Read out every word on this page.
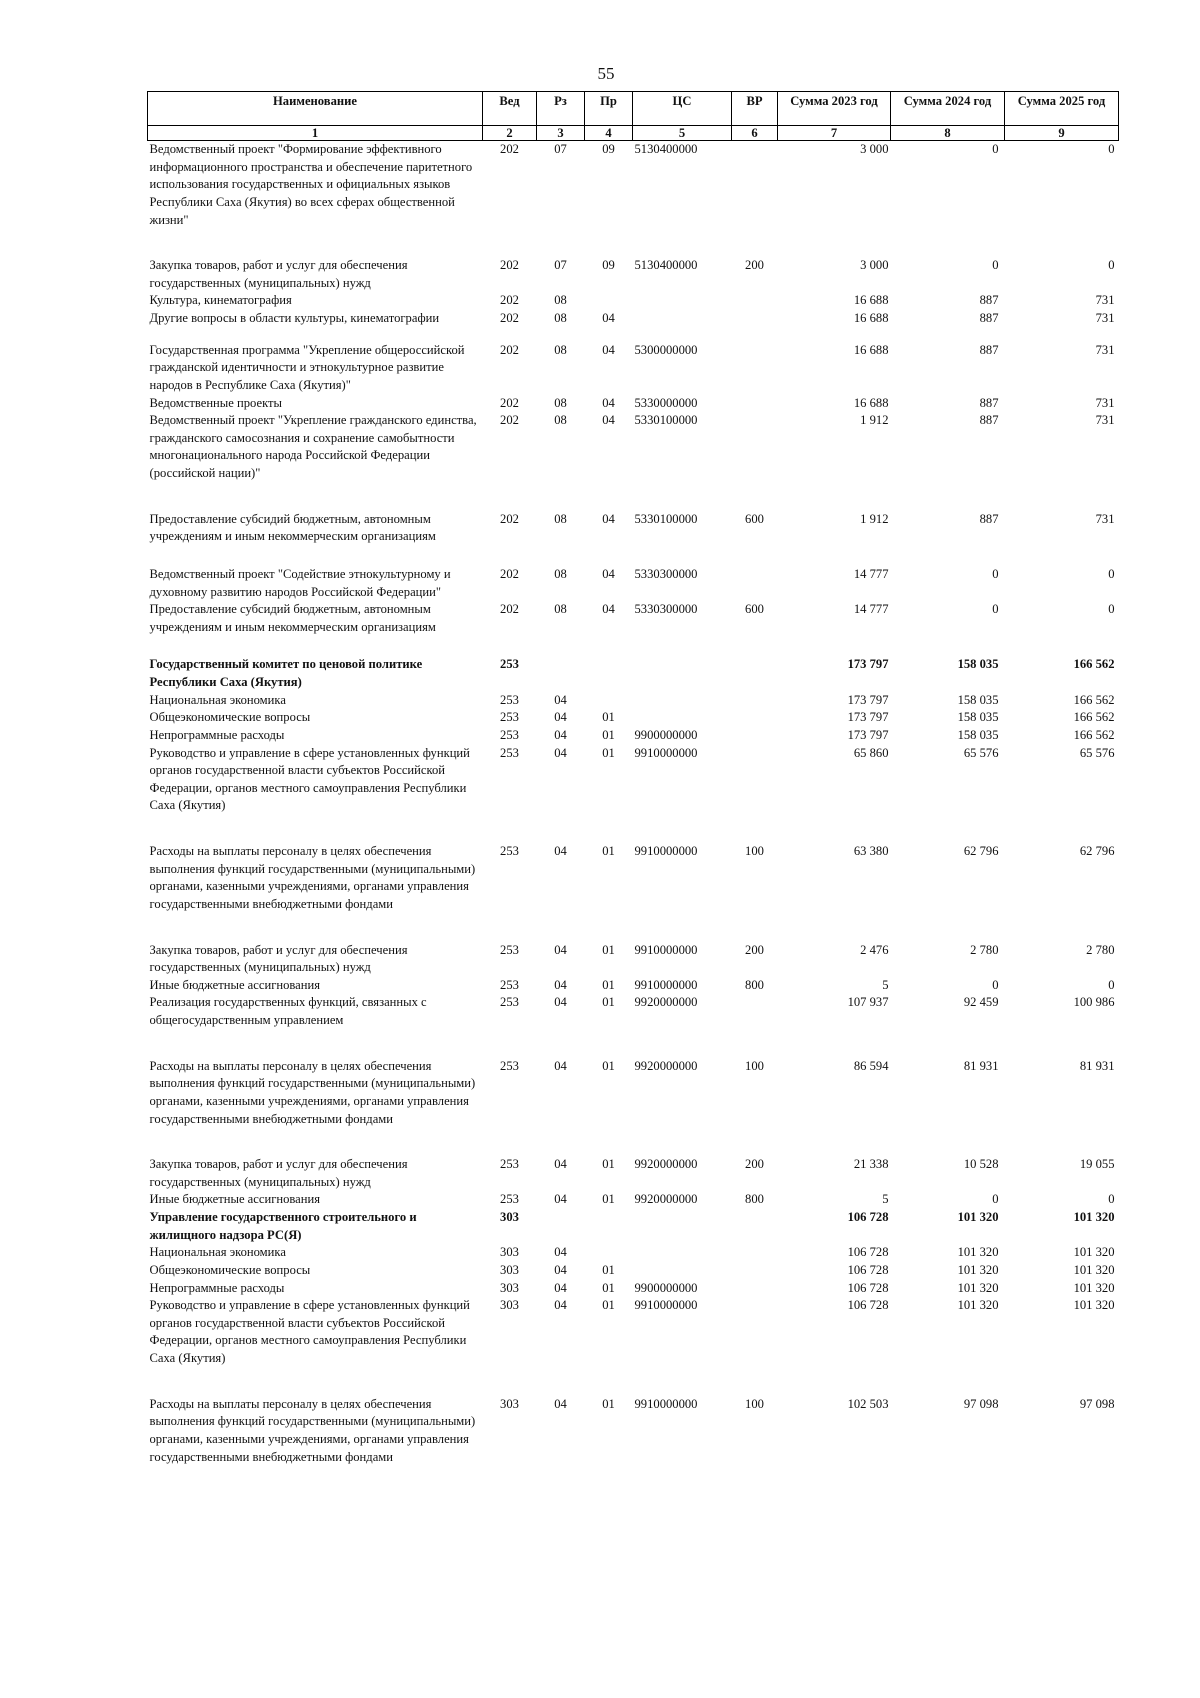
55
Наименование	Вед	Рз	Пр	ЦС	ВР	Сумма 2023 год	Сумма 2024 год	Сумма 2025 год
1	2	3	4	5	6	7	8	9
Ведомственный проект "Формирование эффективного информационного пространства и обеспечение паритетного использования государственных и официальных языков Республики Саха (Якутия) во всех сферах общественной жизни"	202	07	09	5130400000		3 000	0	0
Закупка товаров, работ и услуг для обеспечения государственных (муниципальных) нужд	202	07	09	5130400000	200	3 000	0	0
Культура, кинематография	202	08				16 688	887	731
Другие вопросы в области культуры, кинематографии	202	08	04			16 688	887	731
Государственная программа "Укрепление общероссийской гражданской идентичности и этнокультурное развитие народов в Республике Саха (Якутия)"	202	08	04	5300000000		16 688	887	731
Ведомственные проекты	202	08	04	5330000000		16 688	887	731
Ведомственный проект "Укрепление гражданского единства, гражданского самосознания и сохранение самобытности многонационального народа Российской Федерации (российской нации)"	202	08	04	5330100000		1 912	887	731
Предоставление субсидий бюджетным, автономным учреждениям и иным некоммерческим организациям	202	08	04	5330100000	600	1 912	887	731
Ведомственный проект "Содействие этнокультурному и духовному развитию народов Российской Федерации"	202	08	04	5330300000		14 777	0	0
Предоставление субсидий бюджетным, автономным учреждениям и иным некоммерческим организациям	202	08	04	5330300000	600	14 777	0	0
Государственный комитет по ценовой политике Республики Саха (Якутия)	253					173 797	158 035	166 562
Национальная экономика	253	04				173 797	158 035	166 562
Общеэкономические вопросы	253	04	01			173 797	158 035	166 562
Непрограммные расходы	253	04	01	9900000000		173 797	158 035	166 562
Руководство и управление в сфере установленных функций органов государственной власти субъектов Российской Федерации, органов местного самоуправления Республики Саха (Якутия)	253	04	01	9910000000		65 860	65 576	65 576
Расходы на выплаты персоналу в целях обеспечения выполнения функций государственными (муниципальными) органами, казенными учреждениями, органами управления государственными внебюджетными фондами	253	04	01	9910000000	100	63 380	62 796	62 796
Закупка товаров, работ и услуг для обеспечения государственных (муниципальных) нужд	253	04	01	9910000000	200	2 476	2 780	2 780
Иные бюджетные ассигнования	253	04	01	9910000000	800	5	0	0
Реализация государственных функций, связанных с общегосударственным управлением	253	04	01	9920000000		107 937	92 459	100 986
Расходы на выплаты персоналу в целях обеспечения выполнения функций государственными (муниципальными) органами, казенными учреждениями, органами управления государственными внебюджетными фондами	253	04	01	9920000000	100	86 594	81 931	81 931
Закупка товаров, работ и услуг для обеспечения государственных (муниципальных) нужд	253	04	01	9920000000	200	21 338	10 528	19 055
Иные бюджетные ассигнования	253	04	01	9920000000	800	5	0	0
Управление государственного строительного и жилищного надзора РС(Я)	303					106 728	101 320	101 320
Национальная экономика	303	04				106 728	101 320	101 320
Общеэкономические вопросы	303	04	01			106 728	101 320	101 320
Непрограммные расходы	303	04	01	9900000000		106 728	101 320	101 320
Руководство и управление в сфере установленных функций органов государственной власти субъектов Российской Федерации, органов местного самоуправления Республики Саха (Якутия)	303	04	01	9910000000		106 728	101 320	101 320
Расходы на выплаты персоналу в целях обеспечения выполнения функций государственными (муниципальными) органами, казенными учреждениями, органами управления государственными внебюджетными фондами	303	04	01	9910000000	100	102 503	97 098	97 098
